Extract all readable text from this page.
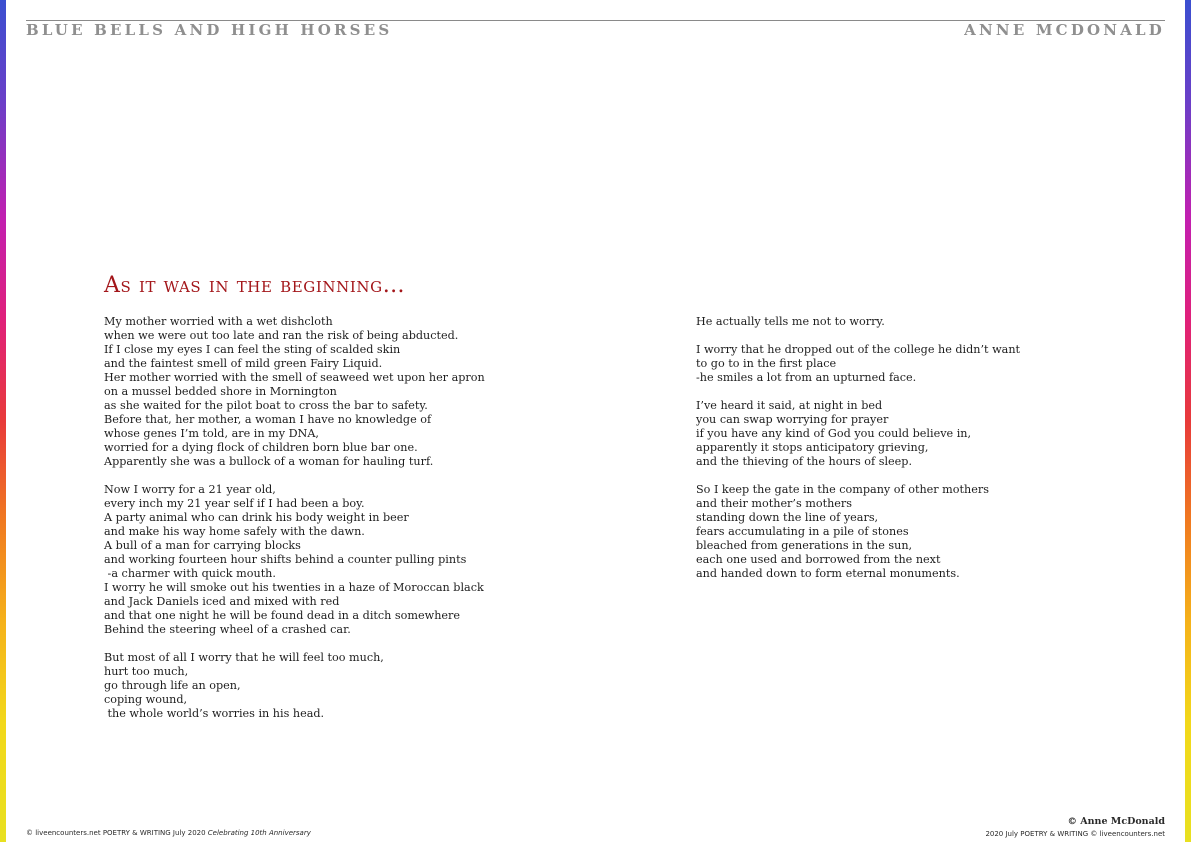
BLUE BELLS AND HIGH HORSES	ANNE MCDONALD
As it was in the beginning…
My mother worried with a wet dishcloth
when we were out too late and ran the risk of being abducted.
If I close my eyes I can feel the sting of scalded skin
and the faintest smell of mild green Fairy Liquid.
Her mother worried with the smell of seaweed wet upon her apron
on a mussel bedded shore in Mornington
as she waited for the pilot boat to cross the bar to safety.
Before that, her mother, a woman I have no knowledge of
whose genes I’m told, are in my DNA,
worried for a dying flock of children born blue bar one.
Apparently she was a bullock of a woman for hauling turf.
Now I worry for a 21 year old,
every inch my 21 year self if I had been a boy.
A party animal who can drink his body weight in beer
and make his way home safely with the dawn.
A bull of a man for carrying blocks
and working fourteen hour shifts behind a counter pulling pints
-a charmer with quick mouth.
I worry he will smoke out his twenties in a haze of Moroccan black
and Jack Daniels iced and mixed with red
and that one night he will be found dead in a ditch somewhere
Behind the steering wheel of a crashed car.
But most of all I worry that he will feel too much,
hurt too much,
go through life an open,
coping wound,
the whole world’s worries in his head.
He actually tells me not to worry.
I worry that he dropped out of the college he didn’t want
to go to in the first place
-he smiles a lot from an upturned face.
I’ve heard it said, at night in bed
you can swap worrying for prayer
if you have any kind of God you could believe in,
apparently it stops anticipatory grieving,
and the thieving of the hours of sleep.
So I keep the gate in the company of other mothers
and their mother’s mothers
standing down the line of years,
fears accumulating in a pile of stones
bleached from generations in the sun,
each one used and borrowed from the next
and handed down to form eternal monuments.
© liveencounters.net POETRY & WRITING July 2020 Celebrating 10th Anniversary
© Anne McDonald
2020 July POETRY & WRITING © liveencounters.net
